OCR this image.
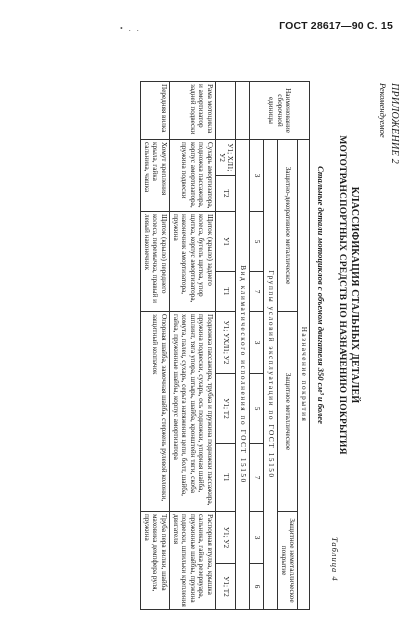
ГОСТ 28617—90 С. 15
• . .
ПРИЛОЖЕНИЕ 2
Рекомендуемое
КЛАССИФИКАЦИЯ СТАЛЬНЫХ ДЕТАЛЕЙ
МОТОТРАНСПОРТНЫХ СРЕДСТВ ПО НАЗНАЧЕНИЮ ПОКРЫТИЯ
Таблица 4
Стальные детали мотоциклов с объемом двигателя 350 см³ и более
Наименование сборочной единицы	Назначение покрытия								
	Защитно-декоративное металлическое				Защитное металлическое			Защитное неметаллическое покрытие	
	Группы условий эксплуатации по ГОСТ 15150								
	3		5	7	3	5	7	3	6
	Вид климатического исполнения по ГОСТ 15150								
	У1; ХЛ1; У2	Т2	У1	Т1	У1; УХЛ1; У2	У1; Т2	Т1	У1; У2	У1; Т2
Рама мотоцикла и амортизатор задней подвески	Сухарь амортизатора, подножка пассажира, корпус амортизатора, пружина подвески		Щиток (крыло) заднего колеса, бугель щитка, упор щитка, корпус амортизатора, наконечник амортизатора, пружина		Подножка пассажира, трубка и пружина подножки пассажира, пружина подвески, сухарь, ось подножки, упорная шайба, шплинт, тяга упора, штырь, шайба, кронштейн тяги, скоба хомута, палец, сухарь, серьга натяжения цепи, болт, шайба, гайка, пружинные шайбы, корпус амортизатора			Распорная втулка, крышка сальника, гайка резервуара, пружинные шайбы, пружина подвески, шпильки крепления двигателя	
Передняя вилка	Хомут крепления крыла, гайка сальника, чашка		Щиток (крыло) переднего колеса, перемычка, правый и левый наконечник		Опорная шайба, замочная шайба, стержень рулевой колонки, защитный колпачок			Труба пера вилки, шайба маховика демпфера руля, пружина	
